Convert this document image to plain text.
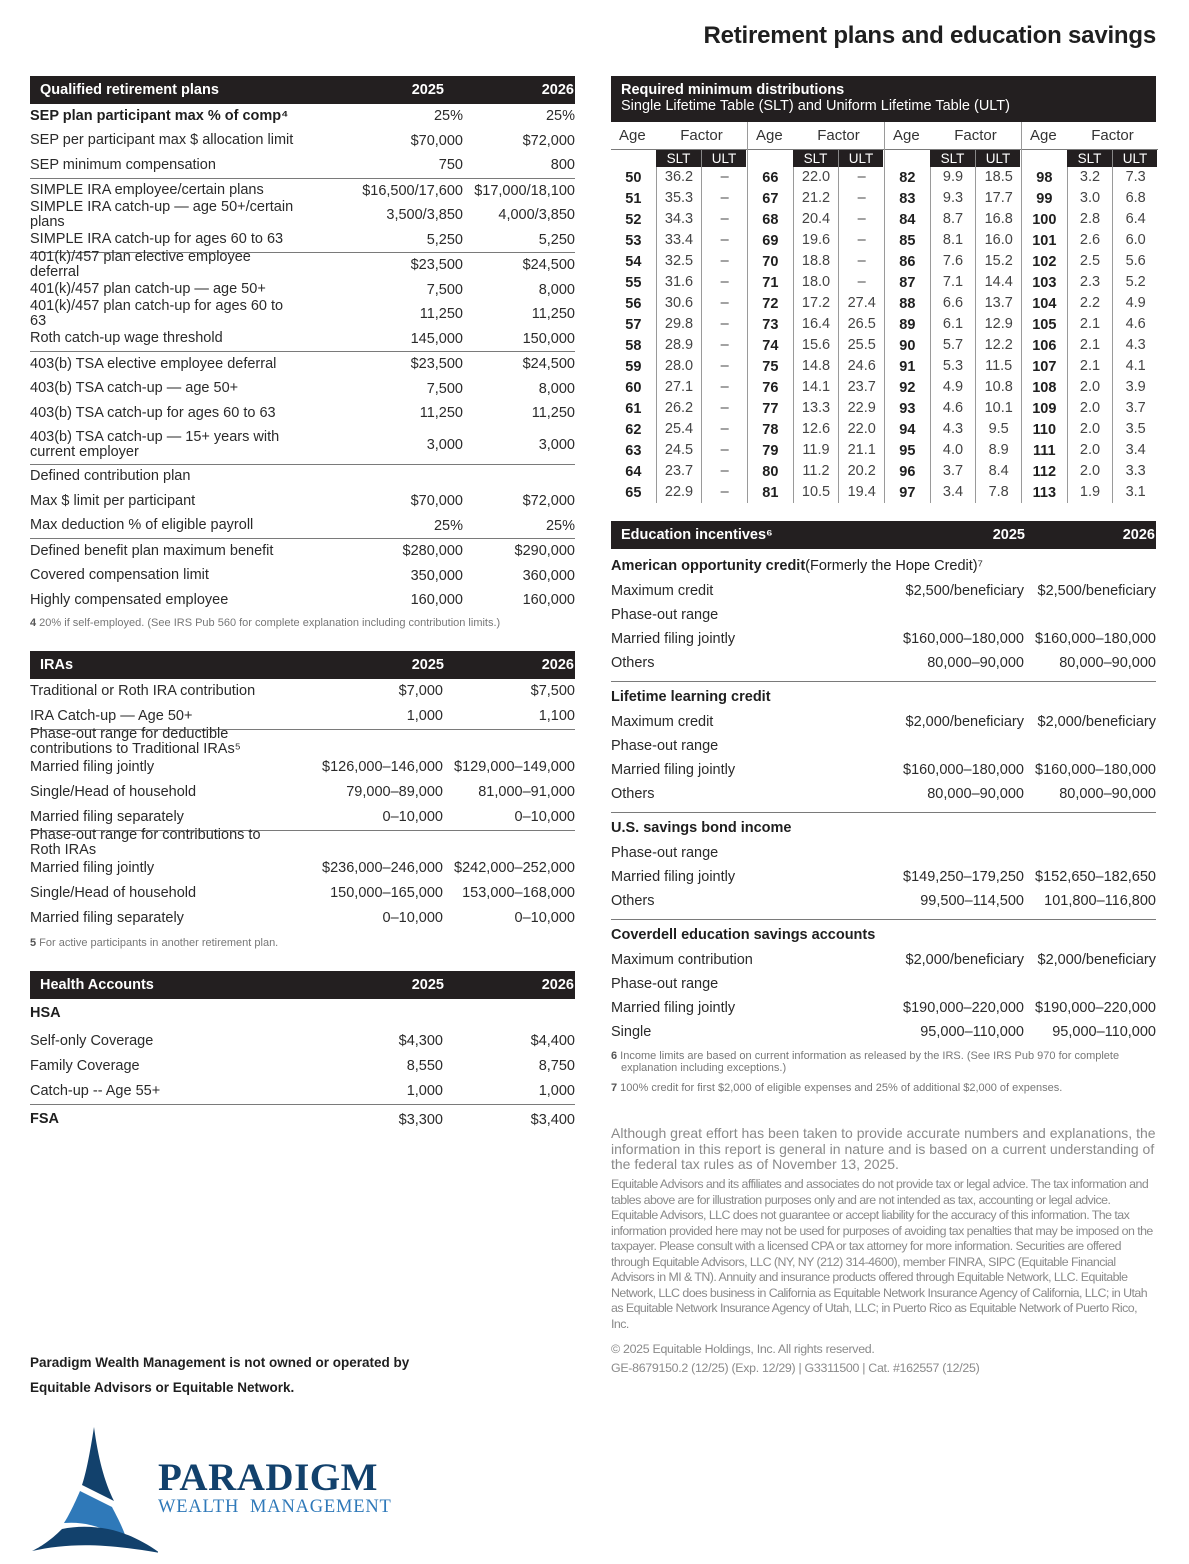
Retirement plans and education savings
Qualified retirement plans	2025	2026
SEP plan participant max % of comp⁴	25%	25%
SEP per participant max $ allocation limit	$70,000	$72,000
SEP minimum compensation	750	800
SIMPLE IRA employee/certain plans	$16,500/17,600 $17,000/18,100
SIMPLE IRA catch-up — age 50+/certain plans	3,500/3,850	4,000/3,850
SIMPLE IRA catch-up for ages 60 to 63	5,250	5,250
401(k)/457 plan elective employee deferral	$23,500	$24,500
401(k)/457 plan catch-up — age 50+	7,500	8,000
401(k)/457 plan catch-up for ages 60 to 63	11,250	11,250
Roth catch-up wage threshold	145,000	150,000
403(b) TSA elective employee deferral	$23,500	$24,500
403(b) TSA catch-up — age 50+	7,500	8,000
403(b) TSA catch-up for ages 60 to 63	11,250	11,250
403(b) TSA catch-up — 15+ years with current employer	3,000	3,000
Defined contribution plan
Max $ limit per participant	$70,000	$72,000
Max deduction % of eligible payroll	25%	25%
Defined benefit plan maximum benefit	$280,000	$290,000
Covered compensation limit	350,000	360,000
Highly compensated employee	160,000	160,000
4 20% if self-employed. (See IRS Pub 560 for complete explanation including contribution limits.)
IRAs	2025	2026
Traditional or Roth IRA contribution	$7,000	$7,500
IRA Catch-up — Age 50+	1,000	1,100
Phase-out range for deductible contributions to Traditional IRAs⁵
Married filing jointly	$126,000–146,000 $129,000–149,000
Single/Head of household	79,000–89,000	81,000–91,000
Married filing separately	0–10,000	0–10,000
Phase-out range for contributions to Roth IRAs
Married filing jointly	$236,000–246,000 $242,000–252,000
Single/Head of household	150,000–165,000	153,000–168,000
Married filing separately	0–10,000	0–10,000
5 For active participants in another retirement plan.
Health Accounts	2025	2026
HSA
Self-only Coverage	$4,300	$4,400
Family Coverage	8,550	8,750
Catch-up -- Age 55+	1,000	1,000
FSA	$3,300	$3,400
Required minimum distributions
Single Lifetime Table (SLT) and Uniform Lifetime Table (ULT)
Age	Factor
SLT	ULT
50	36.2	–
51	35.3	–
52	34.3	–
53	33.4	–
54	32.5	–
55	31.6	–
56	30.6	–
57	29.8	–
58	28.9	–
59	28.0	–
60	27.1	–
61	26.2	–
62	25.4	–
63	24.5	–
64	23.7	–
65	22.9	–
Age	Factor
SLT	ULT
66	22.0	–
67	21.2	–
68	20.4	–
69	19.6	–
70	18.8	–
71	18.0	–
72	17.2	27.4
73	16.4	26.5
74	15.6	25.5
75	14.8	24.6
76	14.1	23.7
77	13.3	22.9
78	12.6	22.0
79	11.9	21.1
80	11.2	20.2
81	10.5	19.4
Age	Factor
SLT	ULT
82	9.9	18.5
83	9.3	17.7
84	8.7	16.8
85	8.1	16.0
86	7.6	15.2
87	7.1	14.4
88	6.6	13.7
89	6.1	12.9
90	5.7	12.2
91	5.3	11.5
92	4.9	10.8
93	4.6	10.1
94	4.3	9.5
95	4.0	8.9
96	3.7	8.4
97	3.4	7.8
Age	Factor
SLT	ULT
98	3.2	7.3
99	3.0	6.8
100	2.8	6.4
101	2.6	6.0
102	2.5	5.6
103	2.3	5.2
104	2.2	4.9
105	2.1	4.6
106	2.1	4.3
107	2.1	4.1
108	2.0	3.9
109	2.0	3.7
110	2.0	3.5
111	2.0	3.4
112	2.0	3.3
113	1.9	3.1
Education incentives⁶	2025	2026
American opportunity credit (Formerly the Hope Credit)⁷
Maximum credit	$2,500/beneficiary $2,500/beneficiary
Phase-out range
Married filing jointly	$160,000–180,000 $160,000–180,000
Others	80,000–90,000	80,000–90,000
Lifetime learning credit
Maximum credit	$2,000/beneficiary $2,000/beneficiary
Phase-out range
Married filing jointly	$160,000–180,000 $160,000–180,000
Others	80,000–90,000	80,000–90,000
U.S. savings bond income
Phase-out range
Married filing jointly	$149,250–179,250 $152,650–182,650
Others	99,500–114,500	101,800–116,800
Coverdell education savings accounts
Maximum contribution	$2,000/beneficiary $2,000/beneficiary
Phase-out range
Married filing jointly	$190,000–220,000 $190,000–220,000
Single	95,000–110,000	95,000–110,000
6 Income limits are based on current information as released by the IRS. (See IRS Pub 970 for complete explanation including exceptions.)
7 100% credit for first $2,000 of eligible expenses and 25% of additional $2,000 of expenses.
Although great effort has been taken to provide accurate numbers and explanations, the information in this report is general in nature and is based on a current understanding of the federal tax rules as of November 13, 2025.
Equitable Advisors and its affiliates and associates do not provide tax or legal advice. The tax information and tables above are for illustration purposes only and are not intended as tax, accounting or legal advice. Equitable Advisors, LLC does not guarantee or accept liability for the accuracy of this information. The tax information provided here may not be used for purposes of avoiding tax penalties that may be imposed on the taxpayer. Please consult with a licensed CPA or tax attorney for more information. Securities are offered through Equitable Advisors, LLC (NY, NY (212) 314-4600), member FINRA, SIPC (Equitable Financial Advisors in MI & TN). Annuity and insurance products offered through Equitable Network, LLC. Equitable Network, LLC does business in California as Equitable Network Insurance Agency of California, LLC; in Utah as Equitable Network Insurance Agency of Utah, LLC; in Puerto Rico as Equitable Network of Puerto Rico, Inc.
© 2025 Equitable Holdings, Inc. All rights reserved.
GE-8679150.2 (12/25) (Exp. 12/29) | G3311500 | Cat. #162557 (12/25)
Paradigm Wealth Management is not owned or operated by
Equitable Advisors or Equitable Network.
PARADIGM
WEALTH  MANAGEMENT
